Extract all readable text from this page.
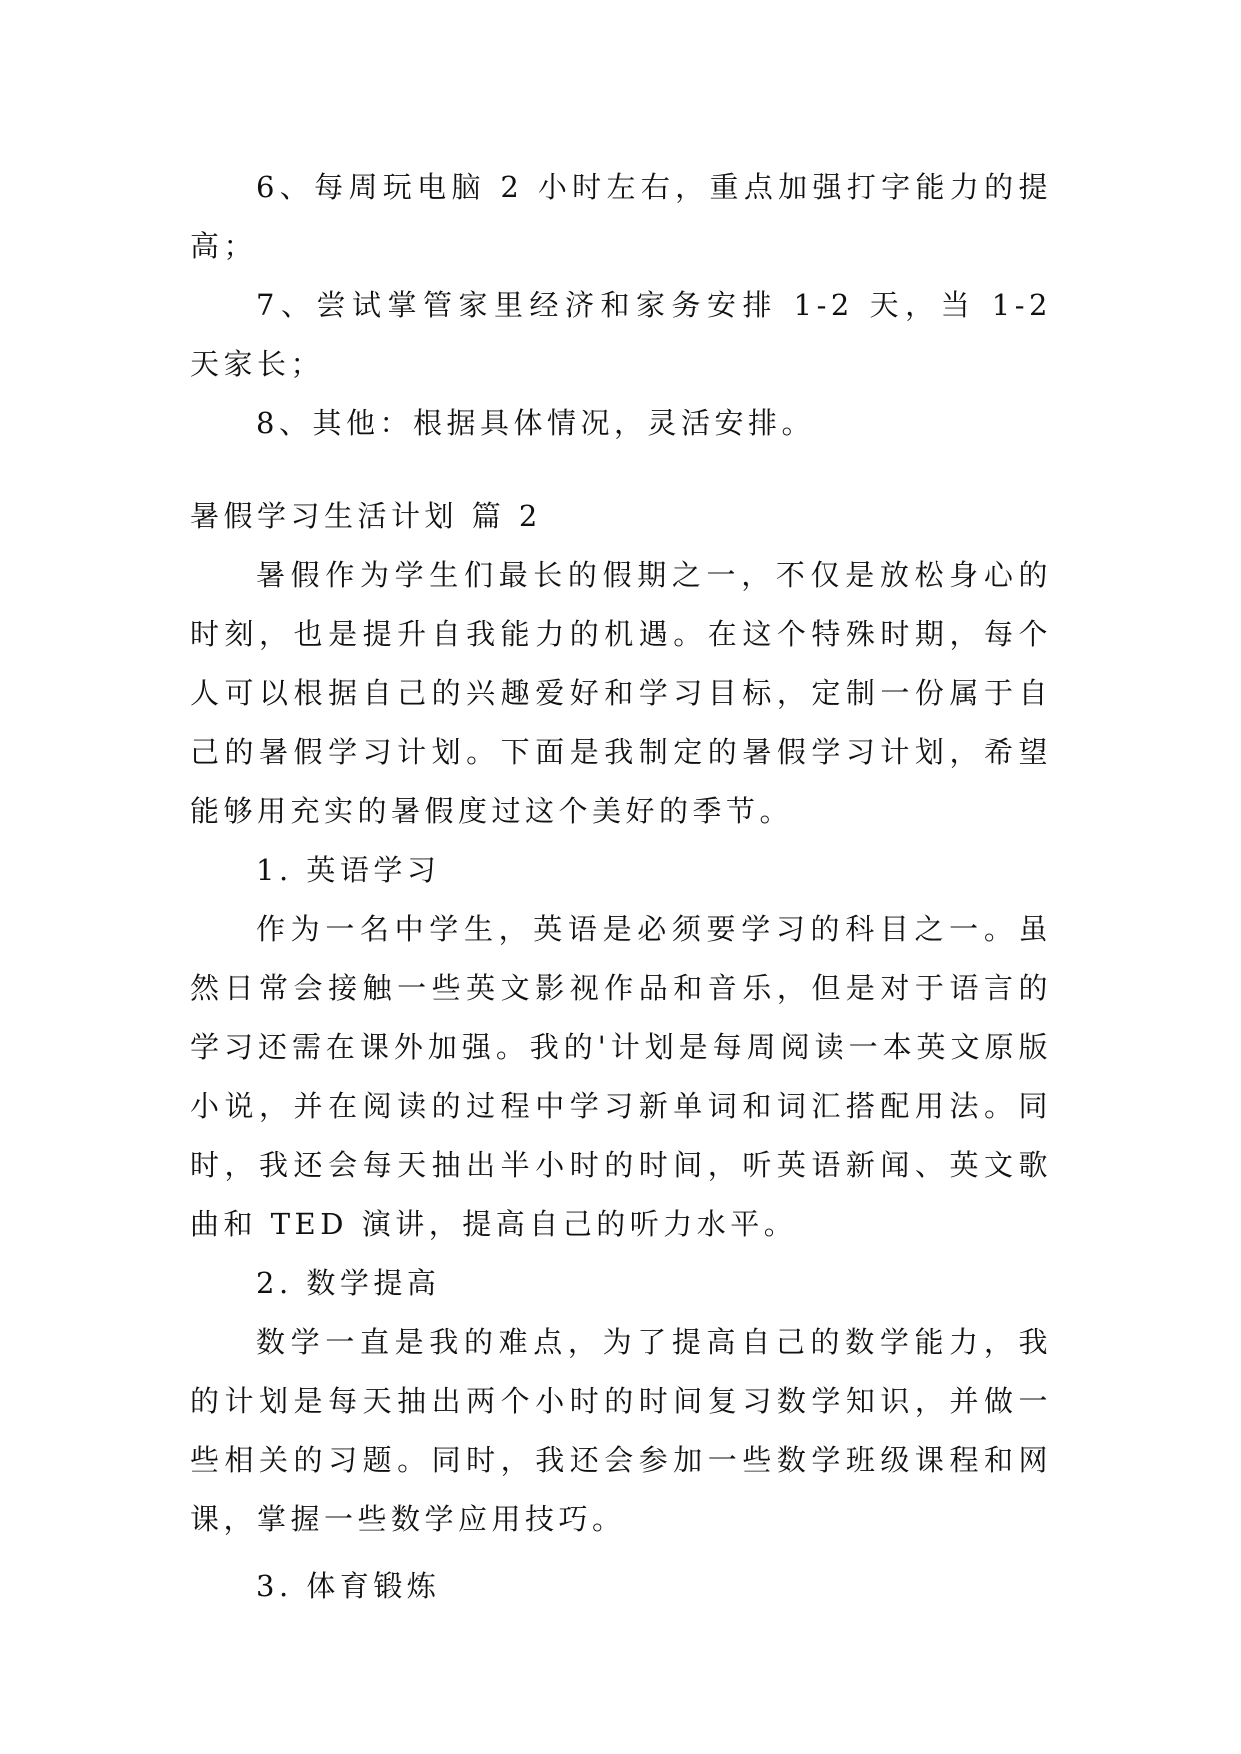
6、每周玩电脑 2 小时左右，重点加强打字能力的提高；

7、尝试掌管家里经济和家务安排 1-2 天，当 1-2 天家长；

8、其他：根据具体情况，灵活安排。

暑假学习生活计划 篇 2

暑假作为学生们最长的假期之一，不仅是放松身心的时刻，也是提升自我能力的机遇。在这个特殊时期，每个人可以根据自己的兴趣爱好和学习目标，定制一份属于自己的暑假学习计划。下面是我制定的暑假学习计划，希望能够用充实的暑假度过这个美好的季节。

1. 英语学习

作为一名中学生，英语是必须要学习的科目之一。虽然日常会接触一些英文影视作品和音乐，但是对于语言的学习还需在课外加强。我的'计划是每周阅读一本英文原版小说，并在阅读的过程中学习新单词和词汇搭配用法。同时，我还会每天抽出半小时的时间，听英语新闻、英文歌曲和 TED 演讲，提高自己的听力水平。

2. 数学提高

数学一直是我的难点，为了提高自己的数学能力，我的计划是每天抽出两个小时的时间复习数学知识，并做一些相关的习题。同时，我还会参加一些数学班级课程和网课，掌握一些数学应用技巧。

3. 体育锻炼
